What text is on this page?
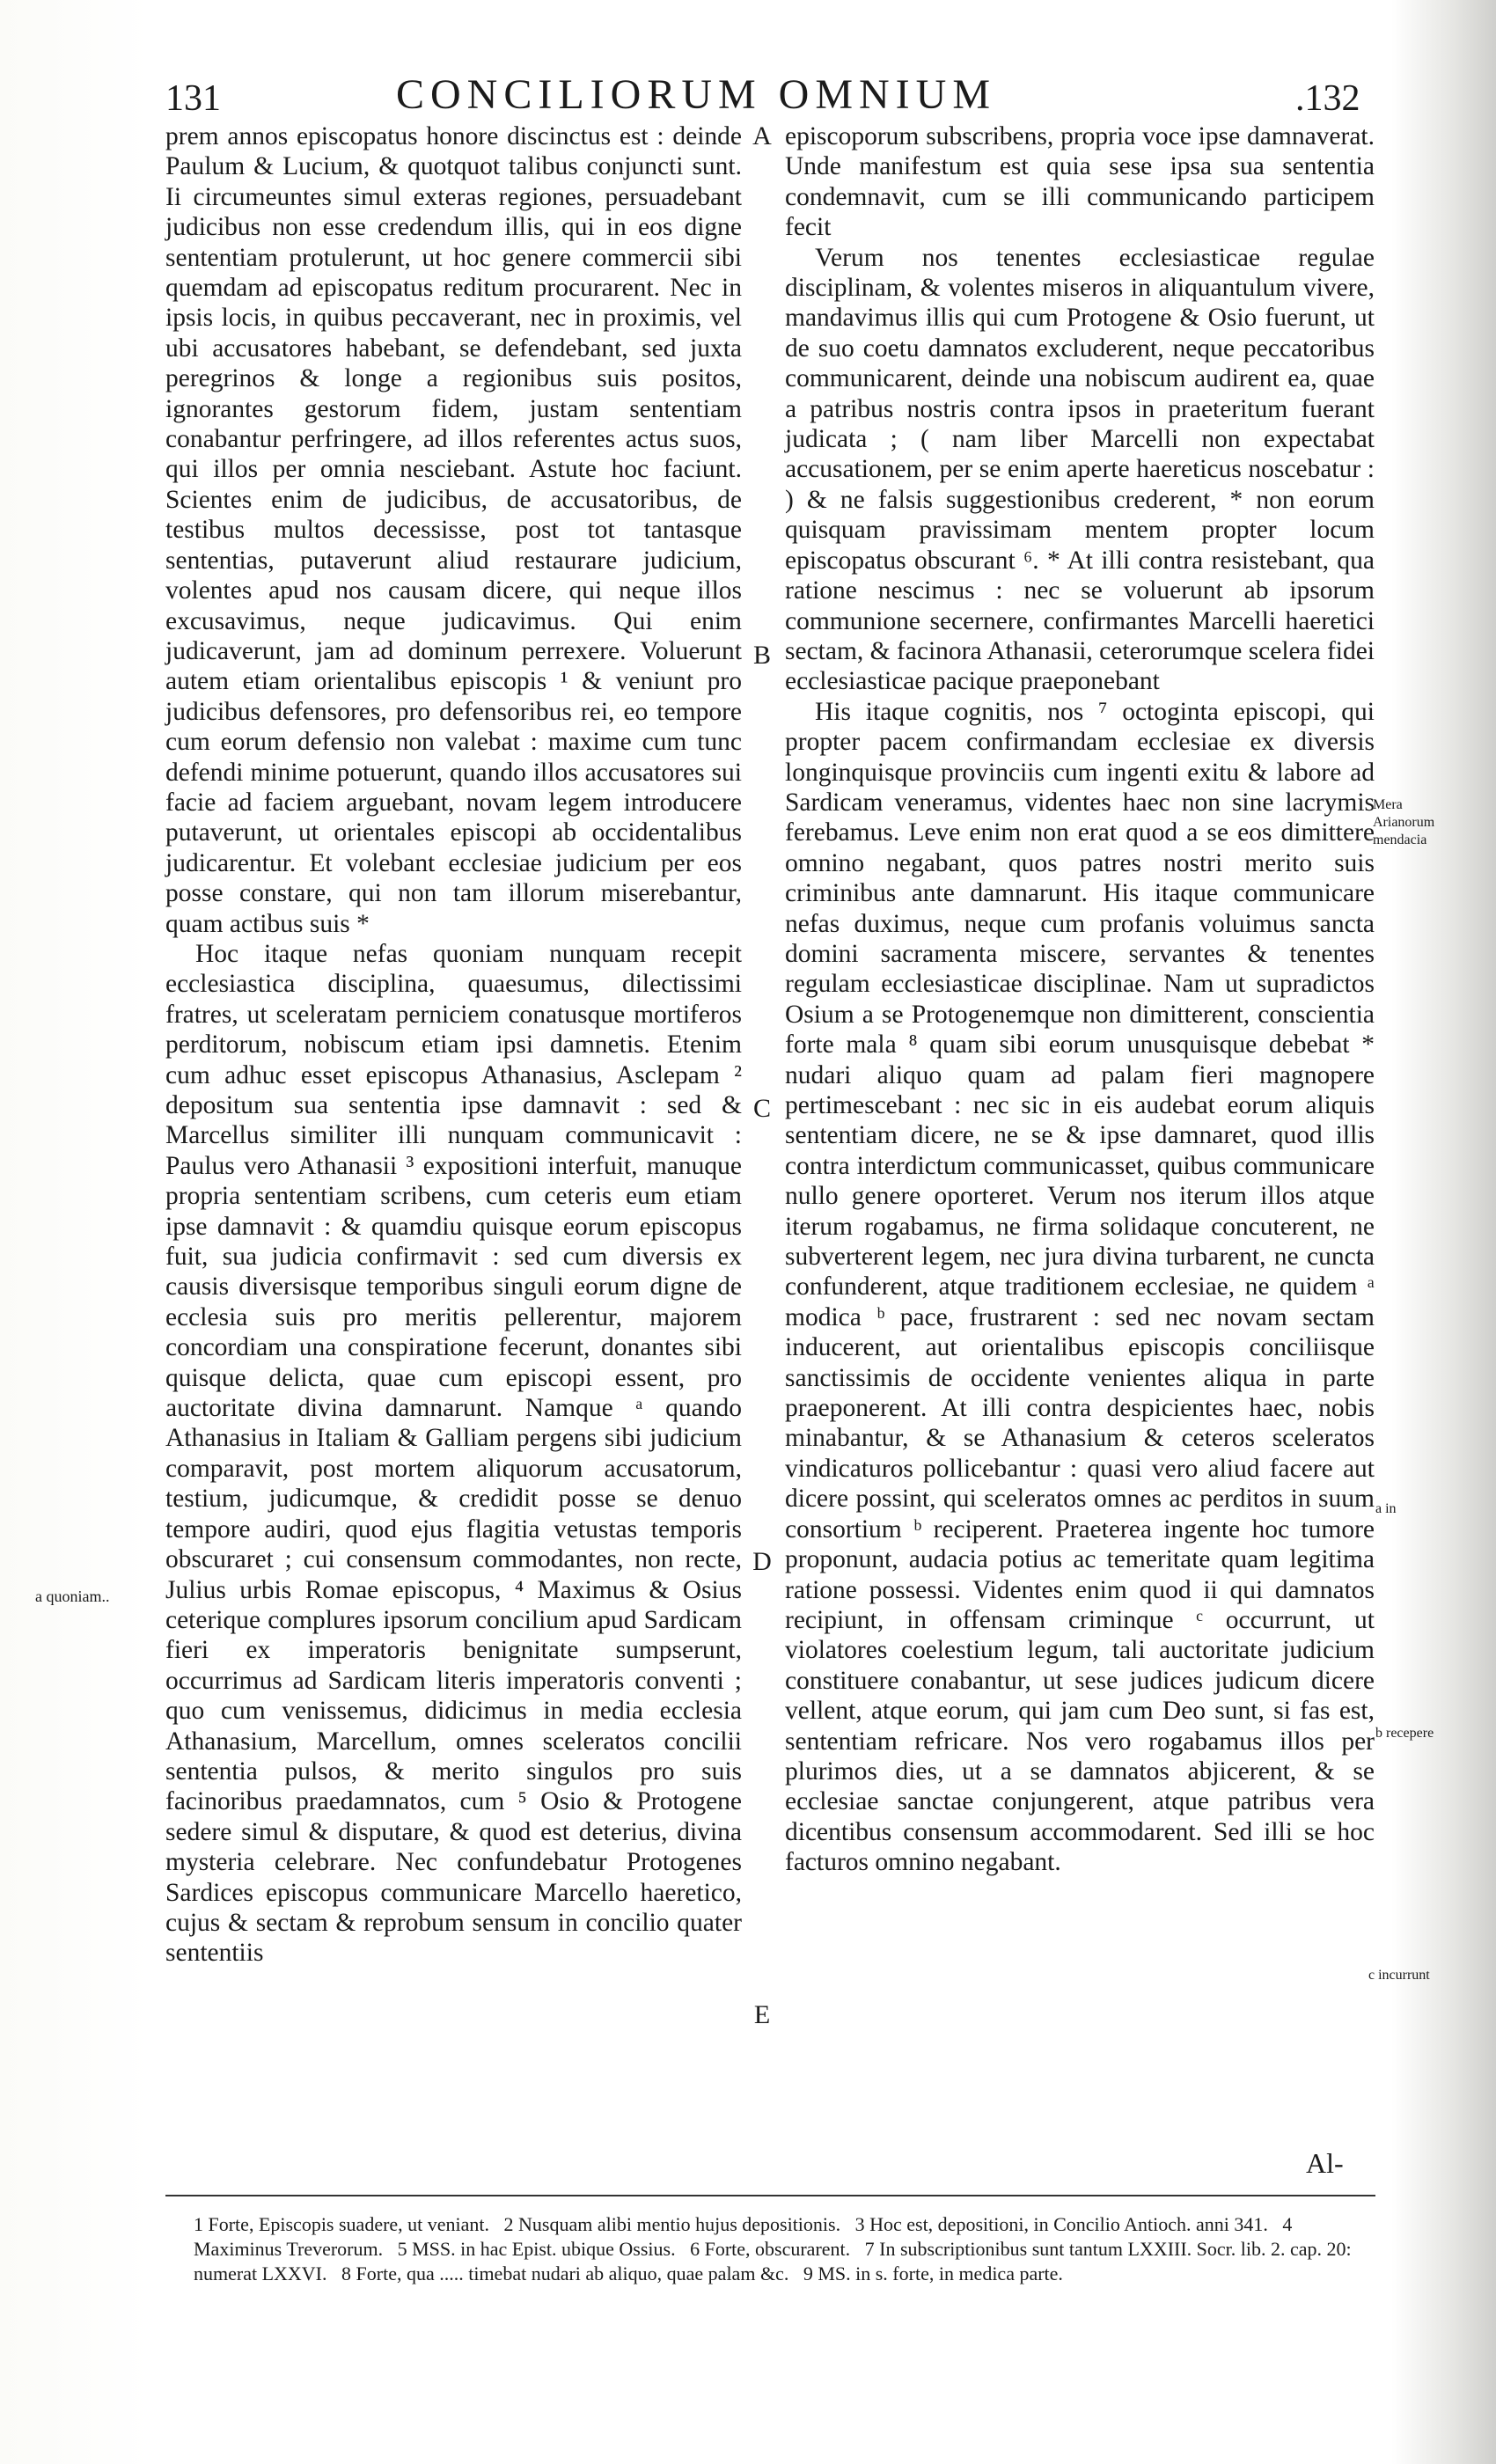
131	CONCILIORUM OMNIUM	.132

prem annos episcopatus honore discinctus est : deinde Paulum & Lucium, & quotquot talibus conjuncti sunt. Ii circumeuntes simul exteras regiones, persuadebant judicibus non esse credendum illis, qui in eos digne sententiam protulerunt, ut hoc genere commercii sibi quemdam ad episcopatus reditum procurarent. Nec in ipsis locis, in quibus peccaverant, nec in proximis, vel ubi accusatores habebant, se defendebant, sed juxta peregrinos & longe a regionibus suis positos, ignorantes gestorum fidem, justam sententiam conabantur perfringere, ad illos referentes actus suos, qui illos per omnia nesciebant. Astute hoc faciunt. Scientes enim de judicibus, de accusatoribus, de testibus multos decessisse, post tot tantasque sententias, putaverunt aliud restaurare judicium, volentes apud nos causam dicere, qui neque illos excusavimus, neque judicavimus. Qui enim judicaverunt, jam ad dominum perrexere. Voluerunt autem etiam orientalibus episcopis ¹ & veniunt pro judicibus defensores, pro defensoribus rei, eo tempore cum eorum defensio non valebat : maxime cum tunc defendi minime potuerunt, quando illos accusatores sui facie ad faciem arguebant, novam legem introducere putaverunt, ut orientales episcopi ab occidentalibus judicarentur. Et volebant ecclesiae judicium per eos posse constare, qui non tam illorum miserebantur, quam actibus suis *

Hoc itaque nefas quoniam nunquam recepit ecclesiastica disciplina, quaesumus, dilectissimi fratres, ut sceleratam perniciem conatusque mortiferos perditorum, nobiscum etiam ipsi damnetis. Etenim cum adhuc esset episcopus Athanasius, Asclepam ² depositum sua sententia ipse damnavit : sed & Marcellus similiter illi nunquam communicavit : Paulus vero Athanasii ³ expositioni interfuit, manuque propria sententiam scribens, cum ceteris eum etiam ipse damnavit : & quamdiu quisque eorum episcopus fuit, sua judicia confirmavit : sed cum diversis ex causis diversisque temporibus singuli eorum digne de ecclesia suis pro meritis pellerentur, majorem concordiam una conspiratione fecerunt, donantes sibi quisque delicta, quae cum episcopi essent, pro auctoritate divina damnarunt. Namque ᵃ quando Athanasius in Italiam & Galliam pergens sibi judicium comparavit, post mortem aliquorum accusatorum, testium, judicumque, & credidit posse se denuo tempore audiri, quod ejus flagitia vetustas temporis obscuraret ; cui consensum commodantes, non recte, Julius urbis Romae episcopus, ⁴ Maximus & Osius ceterique complures ipsorum concilium apud Sardicam fieri ex imperatoris benignitate sumpserunt, occurrimus ad Sardicam literis imperatoris conventi ; quo cum venissemus, didicimus in media ecclesia Athanasium, Marcellum, omnes sceleratos concilii sententia pulsos, & merito singulos pro suis facinoribus praedamnatos, cum ⁵ Osio & Protogene sedere simul & disputare, & quod est deterius, divina mysteria celebrare. Nec confundebatur Protogenes Sardices episcopus communicare Marcello haeretico, cujus & sectam & reprobum sensum in concilio quater sententiis

episcoporum subscribens, propria voce ipse damnaverat. Unde manifestum est quia sese ipsa sua sententia condemnavit, cum se illi communicando participem fecit

Verum nos tenentes ecclesiasticae regulae disciplinam, & volentes miseros in aliquantulum vivere, mandavimus illis qui cum Protogene & Osio fuerunt, ut de suo coetu damnatos excluderent, neque peccatoribus communicarent, deinde una nobiscum audirent ea, quae a patribus nostris contra ipsos in praeteritum fuerant judicata ; ( nam liber Marcelli non expectabat accusationem, per se enim aperte haereticus noscebatur : ) & ne falsis suggestionibus crederent, * non eorum quisquam pravissimam mentem propter locum episcopatus obscurant ⁶. * At illi contra resistebant, qua ratione nescimus : nec se voluerunt ab ipsorum communione secernere, confirmantes Marcelli haeretici sectam, & facinora Athanasii, ceterorumque scelera fidei ecclesiasticae pacique praeponebant

His itaque cognitis, nos ⁷ octoginta episcopi, qui propter pacem confirmandam ecclesiae ex diversis longinquisque provinciis cum ingenti exitu & labore ad Sardicam veneramus, videntes haec non sine lacrymis ferebamus. Leve enim non erat quod a se eos dimittere omnino negabant, quos patres nostri merito suis criminibus ante damnarunt. His itaque communicare nefas duximus, neque cum profanis voluimus sancta domini sacramenta miscere, servantes & tenentes regulam ecclesiasticae disciplinae. Nam ut supradictos Osium a se Protogenemque non dimitterent, conscientia forte mala ⁸ quam sibi eorum unusquisque debebat * nudari aliquo quam ad palam fieri magnopere pertimescebant : nec sic in eis audebat eorum aliquis sententiam dicere, ne se & ipse damnaret, quod illis contra interdictum communicasset, quibus communicare nullo genere oporteret. Verum nos iterum illos atque iterum rogabamus, ne firma solidaque concuterent, ne subverterent legem, nec jura divina turbarent, ne cuncta confunderent, atque traditionem ecclesiae, ne quidem ᵃ modica ᵇ pace, frustrarent : sed nec novam sectam inducerent, aut orientalibus episcopis conciliisque sanctissimis de occidente venientes aliqua in parte praeponerent. At illi contra despicientes haec, nobis minabantur, & se Athanasium & ceteros sceleratos vindicaturos pollicebantur : quasi vero aliud facere aut dicere possint, qui sceleratos omnes ac perditos in suum consortium ᵇ reciperent. Praeterea ingente hoc tumore proponunt, audacia potius ac temeritate quam legitima ratione possessi. Videntes enim quod ii qui damnatos recipiunt, in offensam criminque ᶜ occurrunt, ut violatores coelestium legum, tali auctoritate judicium constituere conabantur, ut sese judices judicum dicere vellent, atque eorum, qui jam cum Deo sunt, si fas est, sententiam refricare. Nos vero rogabamus illos per plurimos dies, ut a se damnatos abjicerent, & se ecclesiae sanctae conjungerent, atque patribus vera dicentibus consensum accommodarent. Sed illi se hoc facturos omnino negabant.

A
B
C
D
E
a quoniam..
Mera Arianorum mendacia
a in
b recepere
c incurrunt
Al-
1 Forte, Episcopis suadere, ut veniant. 2 Nusquam alibi mentio hujus depositionis. 3 Hoc est, depositioni, in Concilio Antioch. anni 341. 4 Maximinus Treverorum. 5 MSS. in hac Epist. ubique Ossius. 6 Forte, obscurarent. 7 In subscriptionibus sunt tantum LXXIII. Socr. lib. 2. cap. 20: numerat LXXVI. 8 Forte, qua ..... timebat nudari ab aliquo, quae palam &c. 9 MS. in s. forte, in medica parte.
